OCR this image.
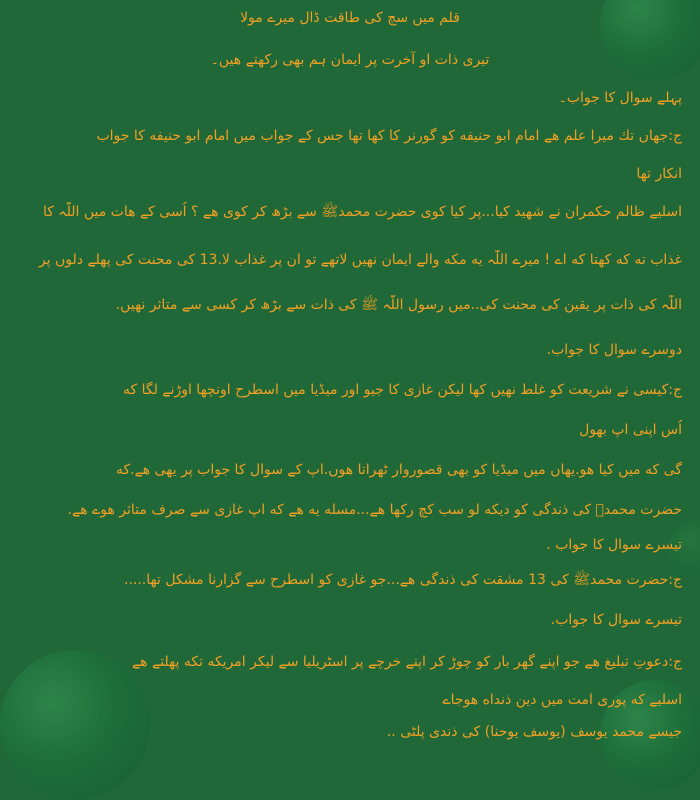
قلم میں سچ کی طاقت ڈال میرے مولا
تیری ذات او آخرت پر ایمان ہم بھی رکھتے ھیں۔
پہلے سوال کا جواب۔
ج:جھاں تك میرا علم ھے امام ابو حنیفه کو گورنر کا کھا تھا جس کے جواب میں امام ابو حنیفه کا جواب
انکار تھا
اسلیے ظالم حکمران نے شھید کیا...پر کیا کوی حضرت محمدﷺ سے بڑھ کر کوی ھے ؟ اُسی کے ھات میں اللّٰہ کا
غذاب ته که کھتا که اے ! میرے اللّٰہ یه مکه والے ایمان نھیں لاتھے تو ان پر غذاب لا.13 کی محنت کی پھلے دلوں پر
اللّٰہ کی ذات پر یقین کی محنت کی..میں رسول اللّٰہ ﷺ کی ذات سے بڑھ کر کسی سے متاثر نھیں.
دوسرے سوال کا جواب.
ج:کیسی نے شریعت کو غلط نھیں کھا لیکن غازی کا جیو اور میڈیا میں اسطرح اونچھا اوڑنے لگا که
اُس اپنی اپ بھول
گی که میں کیا ھو.یھاں میں میڈیا کو بھی قصوروار ٹھراتا ھوں.اپ کے سوال کا جواب پر یھی ھے.که
حضرت محمدؐ کی ذندگی کو دیکه لو سب کچ رکھا ھے...مسله یه ھے که اپ غازی سے صرف متاثر ھوے ھے.
تیسرے سوال کا جواب .
ج:حضرت محمدﷺ کی 13 مشقت کی ذندگی ھے...جو غازی کو اسطرح سے گزارنا مشکل تھا.....
تیسرے سوال کا جواب.
ج:دعوتِ تبلیغ ھے جو اپنے گھر بار کو چوڑ کر اپنے خرچے پر اسٹریلیا سے لیکر امریکه تکه پھلتے ھے
اسلیے که پوری امت میں دین ذنداه ھوجاے
جیسے محمد یوسف (یوسف یوحنا) کی ذندی پلٹی ..
